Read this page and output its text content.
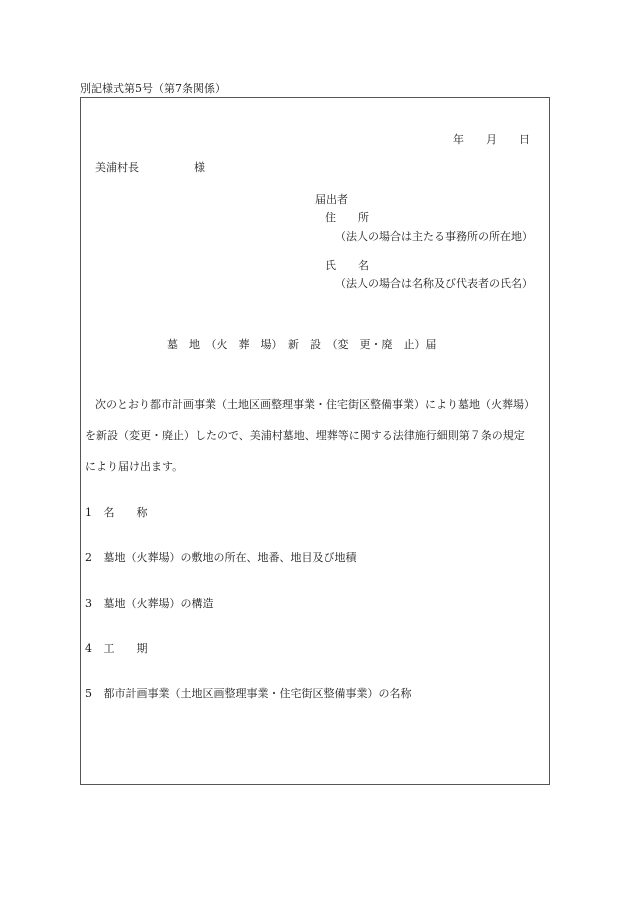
別記様式第5号（第7条関係）
年　　月　　日
美浦村長　　　　　様
届出者
住　　所
（法人の場合は主たる事務所の所在地）
氏　　名
（法人の場合は名称及び代表者の氏名）
墓　地　（火　葬　場）　新　設　（変　更・廃　止）届
次のとおり都市計画事業（土地区画整理事業・住宅街区整備事業）により墓地（火葬場）
を新設（変更・廃止）したので、美浦村墓地、埋葬等に関する法律施行細則第７条の規定
により届け出ます。
1 名　　称
2 墓地（火葬場）の敷地の所在、地番、地目及び地積
3 墓地（火葬場）の構造
4 工　　期
5 都市計画事業（土地区画整理事業・住宅街区整備事業）の名称
